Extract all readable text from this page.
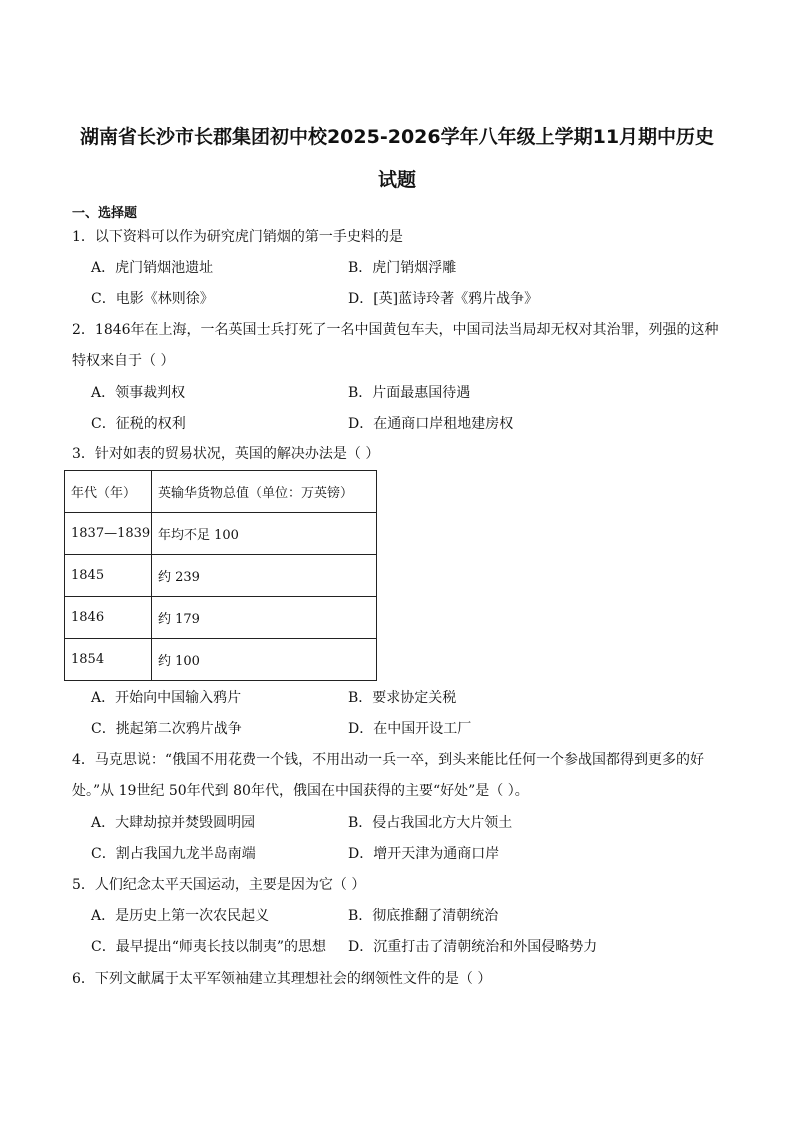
湖南省长沙市长郡集团初中校2025-2026学年八年级上学期11月期中历史
试题
一、选择题
1．以下资料可以作为研究虎门销烟的第一手史料的是
A．虎门销烟池遗址	B．虎门销烟浮雕
C．电影《林则徐》	D．[英]蓝诗玲著《鸦片战争》
2．1846年在上海，一名英国士兵打死了一名中国黄包车夫，中国司法当局却无权对其治罪，列强的这种特权来自于（ ）
A．领事裁判权	B．片面最惠国待遇
C．征税的权利	D．在通商口岸租地建房权
3．针对如表的贸易状况，英国的解决办法是（ ）
年代（年）	英输华货物总值（单位：万英镑）
1837—1839	年均不足 100
1845	约 239
1846	约 179
1854	约 100
A．开始向中国输入鸦片	B．要求协定关税
C．挑起第二次鸦片战争	D．在中国开设工厂
4．马克思说：“俄国不用花费一个钱，不用出动一兵一卒，到头来能比任何一个参战国都得到更多的好处。”从 19世纪 50年代到 80年代，俄国在中国获得的主要“好处”是（ ）。
A．大肆劫掠并焚毁圆明园	B．侵占我国北方大片领土
C．割占我国九龙半岛南端	D．增开天津为通商口岸
5．人们纪念太平天国运动，主要是因为它（ ）
A．是历史上第一次农民起义	B．彻底推翻了清朝统治
C．最早提出“师夷长技以制夷”的思想 D．沉重打击了清朝统治和外国侵略势力
6．下列文献属于太平军领袖建立其理想社会的纲领性文件的是（ ）
